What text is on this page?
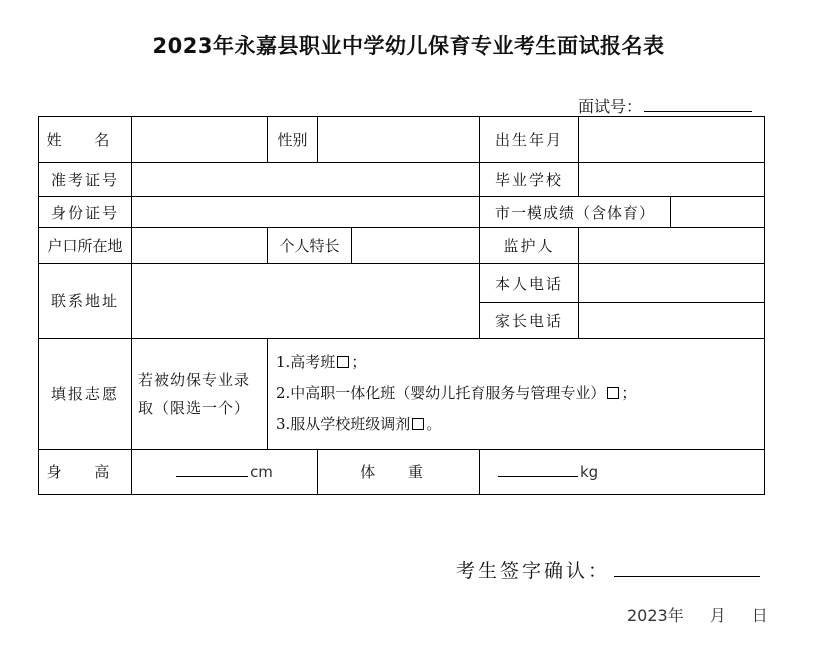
2023年永嘉县职业中学幼儿保育专业考生面试报名表
面试号：
姓 名		性别			出生年月		
准考证号					毕业学校		
身份证号					市一模成绩（含体育）		
户口所在地		个人特长			监护人		
联系地址					本人电话		
					家长电话		
填报志愿	若被幼保专业录取（限选一个）	1.高考班 ；
2.中高职一体化班（婴幼儿托育服务与管理专业） ；
3.服从学校班级调剂 。					

身 高	cm		体 重		kg		
考生签字确认：
2023年 月 日
